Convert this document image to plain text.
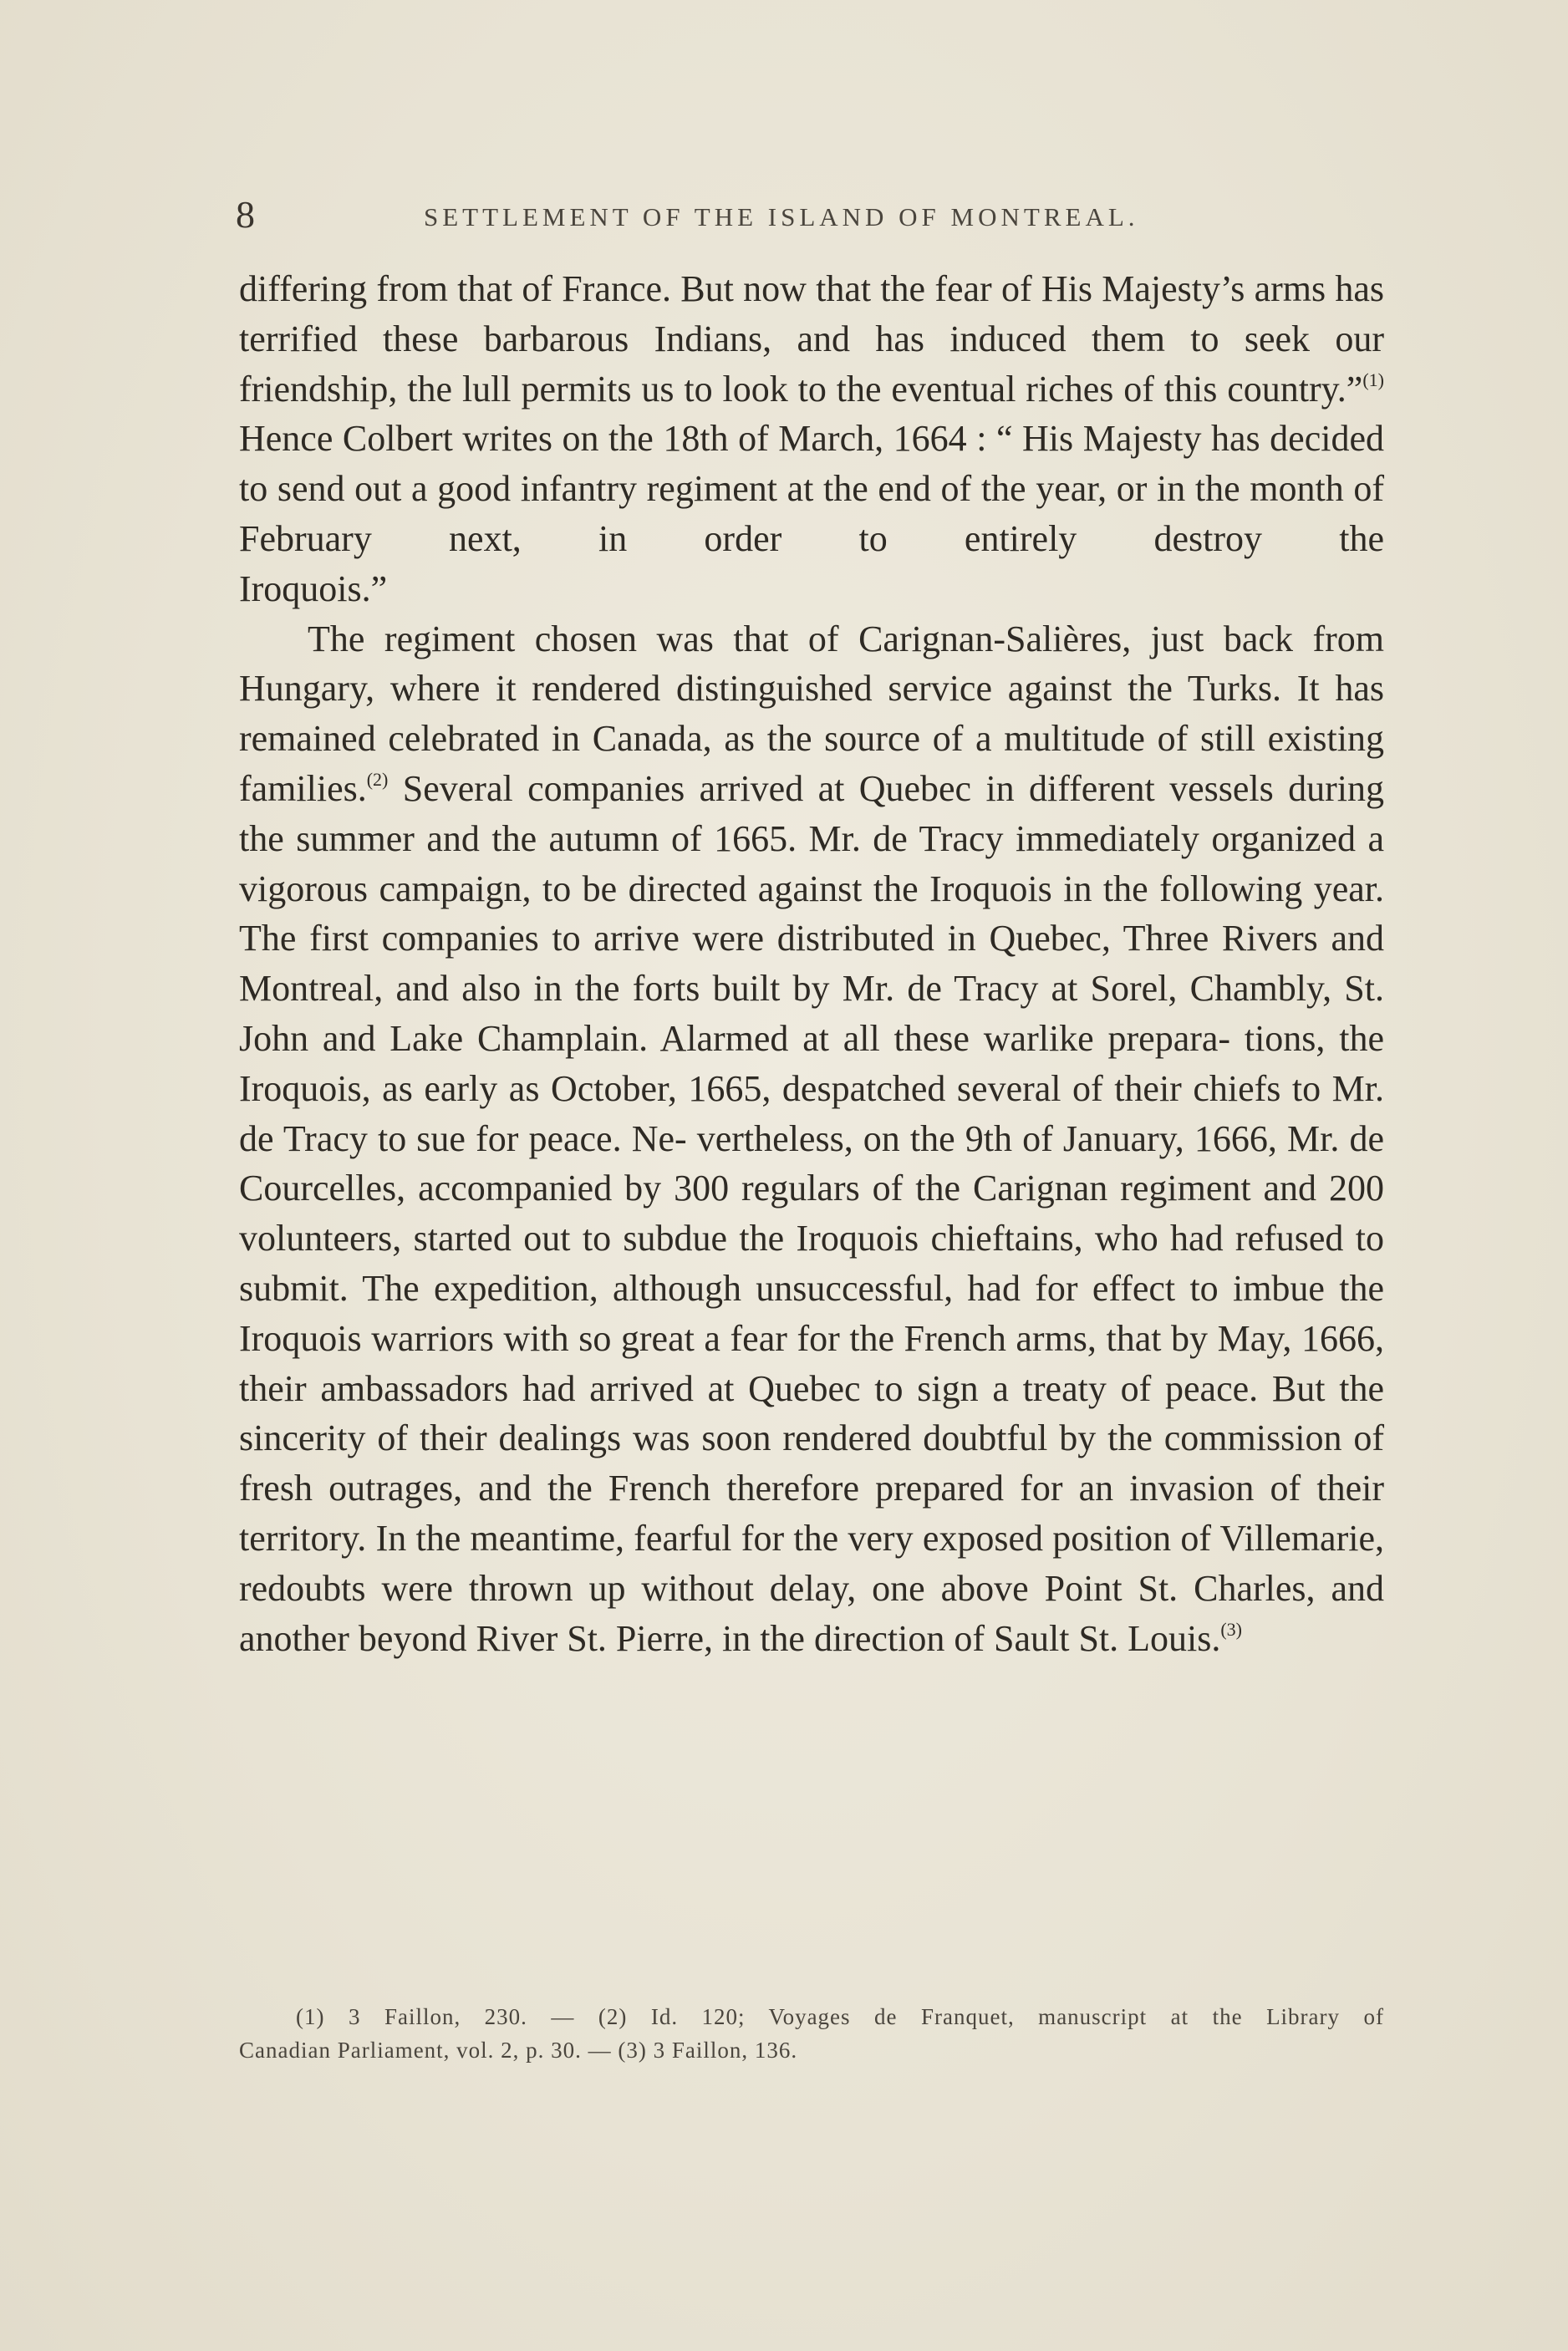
8	SETTLEMENT OF THE ISLAND OF MONTREAL.

differing from that of France. But now that the fear of His Majesty’s arms has terrified these barbarous Indians, and has induced them to seek our friendship, the lull permits us to look to the eventual riches of this country.”$^{(1)}$ Hence Colbert writes on the 18th of March, 1664 : “ His Majesty has decided to send out a good infantry regiment at the end of the year, or in the month of February next, in order to entirely destroy the

Iroquois.”

The regiment chosen was that of Carignan-Salières, just back from Hungary, where it rendered distinguished service against the Turks. It has remained celebrated in Canada, as the source of a multitude of still existing families.$^{(2)}$ Several companies arrived at Quebec in different vessels during the summer and the autumn of 1665. Mr. de Tracy immediately organized a vigorous campaign, to be directed against the Iroquois in the following year. The first companies to arrive were distributed in Quebec, Three Rivers and Montreal, and also in the forts built by Mr. de Tracy at Sorel, Chambly, St. John and Lake Champlain. Alarmed at all these warlike prepara- tions, the Iroquois, as early as October, 1665, despatched several of their chiefs to Mr. de Tracy to sue for peace. Ne- vertheless, on the 9th of January, 1666, Mr. de Courcelles, accompanied by 300 regulars of the Carignan regiment and 200 volunteers, started out to subdue the Iroquois chieftains, who had refused to submit. The expedition, although unsuccessful, had for effect to imbue the Iroquois warriors with so great a fear for the French arms, that by May, 1666, their ambassadors had arrived at Quebec to sign a treaty of peace. But the sincerity of their dealings was soon rendered doubtful by the commission of fresh outrages, and the French therefore prepared for an invasion of their territory. In the meantime, fearful for the very exposed position of Villemarie, redoubts were thrown up without delay, one above Point St. Charles, and another beyond River St. Pierre, in the direction of Sault St. Louis.$^{(3)}$

(1) 3 Faillon, 230. — (2) Id. 120; Voyages de Franquet, manuscript at the Library of

Canadian Parliament, vol. 2, p. 30. — (3) 3 Faillon, 136.
